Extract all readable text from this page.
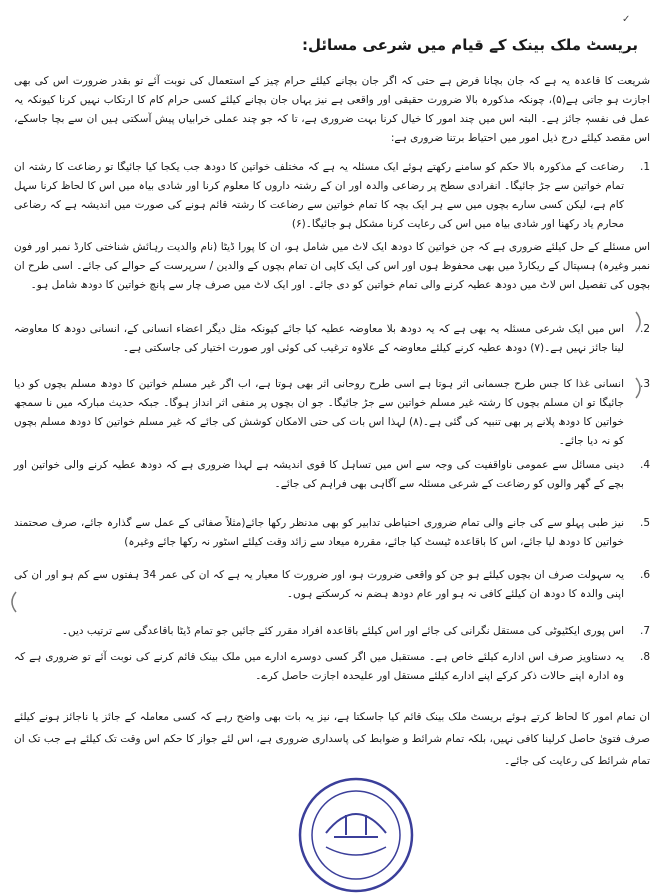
✓
بریسٹ ملک بینک کے قیام میں شرعی مسائل:
شریعت کا قاعدہ یہ ہے کہ جان بچانا فرض ہے حتی کہ اگر جان بچانے کیلئے حرام چیز کے استعمال کی نوبت آئے تو بقدر ضرورت اس کی بھی اجازت ہو جاتی ہے(۵)، چونکہ مذکورہ بالا ضرورت حقیقی اور واقعی ہے نیز یہاں جان بچانے کیلئے کسی حرام کام کا ارتکاب نہیں کرنا کیونکہ یہ عمل فی نفسہٖ جائز ہے۔ البتہ اس میں چند امور کا خیال کرنا بہت ضروری ہے، تا کہ جو چند عملی خرابیاں پیش آسکتی ہیں ان سے بچا جاسکے، اس مقصد کیلئے درج ذیل امور میں احتیاط برتنا ضروری ہے:
1.
رضاعت کے مذکورہ بالا حکم کو سامنے رکھتے ہوئے ایک مسئلہ یہ ہے کہ مختلف خواتین کا دودھ جب یکجا کیا جائیگا تو رضاعت کا رشتہ ان تمام خواتین سے جڑ جائیگا۔ انفرادی سطح پر رضاعی والدہ اور ان کے رشتہ داروں کا معلوم کرنا اور شادی بیاہ میں اس کا لحاظ کرنا سہل کام ہے، لیکن کسی سارے بچوں میں سے ہر ایک بچہ کا تمام خواتین سے رضاعت کا رشتہ قائم ہونے کی صورت میں اندیشہ ہے کہ رضاعی محارم یاد رکھنا اور شادی بیاہ میں اس کی رعایت کرنا مشکل ہو جائیگا۔(۶)
اس مسئلے کے حل کیلئے ضروری ہے کہ جن خواتین کا دودھ ایک لاٹ میں شامل ہو، ان کا پورا ڈیٹا (نام والدیت رہائش شناختی کارڈ نمبر اور فون نمبر وغیرہ) ہسپتال کے ریکارڈ میں بھی محفوظ ہوں اور اس کی ایک کاپی ان تمام بچوں کے والدین / سرپرست کے حوالے کی جائے۔ اسی طرح ان بچوں کی تفصیل اس لاٹ میں دودھ عطیہ کرنے والی تمام خواتین کو دی جائے۔ اور ایک لاٹ میں صرف چار سے پانچ خواتین کا دودھ شامل ہو۔
2.
اس میں ایک شرعی مسئلہ یہ بھی ہے کہ یہ دودھ بلا معاوضہ عطیہ کیا جائے کیونکہ مثل دیگر اعضاء انسانی کے، انسانی دودھ کا معاوضہ لینا جائز نہیں ہے۔(۷) دودھ عطیہ کرنے کیلئے معاوضہ کے علاوہ ترغیب کی کوئی اور صورت اختیار کی جاسکتی ہے۔
3.
انسانی غذا کا جس طرح جسمانی اثر ہوتا ہے اسی طرح روحانی اثر بھی ہوتا ہے، اب اگر غیر مسلم خواتین کا دودھ مسلم بچوں کو دیا جائیگا تو ان مسلم بچوں کا رشتہ غیر مسلم خواتین سے جڑ جائیگا۔ جو ان بچوں پر منفی اثر انداز ہوگا۔ جبکہ حدیث مبارکہ میں نا سمجھ خواتین کا دودھ پلانے پر بھی تنبیہ کی گئی ہے۔(۸) لہذا اس بات کی حتی الامکان کوشش کی جائے کہ غیر مسلم خواتین کا دودھ مسلم بچوں کو نہ دیا جائے۔
4.
دینی مسائل سے عمومی ناواقفیت کی وجہ سے اس میں تساہل کا قوی اندیشہ ہے لہذا ضروری ہے کہ دودھ عطیہ کرنے والی خواتین اور بچے کے گھر والوں کو رضاعت کے شرعی مسئلہ سے آگاہی بھی فراہم کی جائے۔
5.
نیز طبی پہلو سے کی جانے والی تمام ضروری احتیاطی تدابیر کو بھی مدنظر رکھا جائے(مثلاً صفائی کے عمل سے گذارہ جائے، صرف صحتمند خواتین کا دودھ لیا جائے، اس کا باقاعدہ ٹیسٹ کیا جائے، مقررہ میعاد سے زائد وقت کیلئے اسٹور نہ رکھا جائے وغیرہ)
6.
یہ سہولت صرف ان بچوں کیلئے ہو جن کو واقعی ضرورت ہو، اور ضرورت کا معیار یہ ہے کہ ان کی عمر 34 ہفتوں سے کم ہو اور ان کی اپنی والدہ کا دودھ ان کیلئے کافی نہ ہو اور عام دودھ ہضم نہ کرسکتے ہوں۔
7.
اس پوری ایکٹیوٹی کی مستقل نگرانی کی جائے اور اس کیلئے باقاعدہ افراد مقرر کئے جائیں جو تمام ڈیٹا باقاعدگی سے ترتیب دیں۔
8.
یہ دستاویز صرف اس ادارے کیلئے خاص ہے۔ مستقبل میں اگر کسی دوسرے ادارے میں ملک بینک قائم کرنے کی نوبت آئے تو ضروری ہے کہ وہ ادارہ اپنے حالات ذکر کرکے اپنے ادارے کیلئے مستقل اور علیحدہ اجازت حاصل کرے۔
ان تمام امور کا لحاظ کرتے ہوئے بریسٹ ملک بینک قائم کیا جاسکتا ہے، نیز یہ بات بھی واضح رہے کہ کسی معاملہ کے جائز یا ناجائز ہونے کیلئے صرف فتویٰ حاصل کرلینا کافی نہیں، بلکہ تمام شرائط و ضوابط کی پاسداری ضروری ہے، اس لئے جواز کا حکم اس وقت تک کیلئے ہے جب تک ان تمام شرائط کی رعایت کی جائے۔
